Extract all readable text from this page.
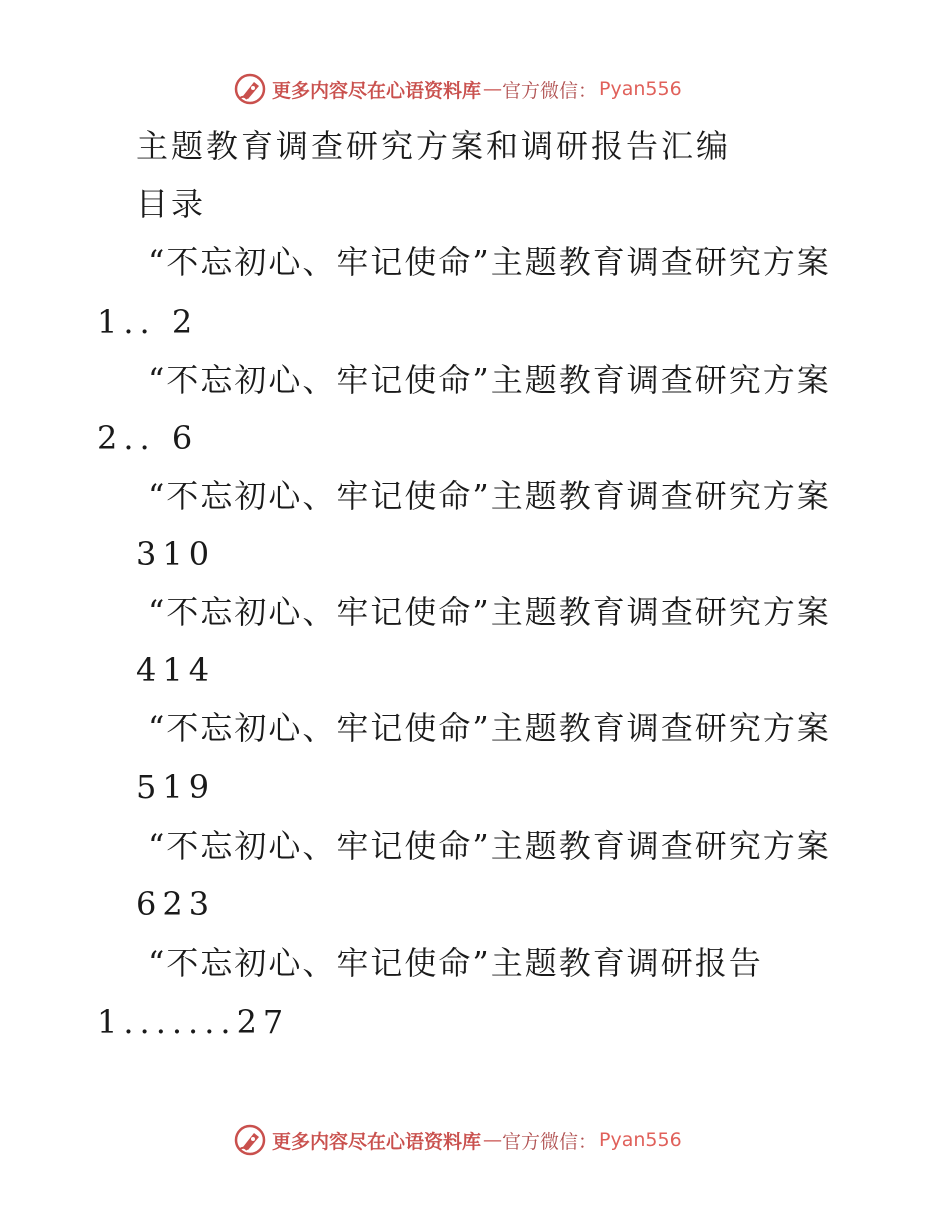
更多内容尽在心语资料库 — 官方微信： Pyan556
主题教育调查研究方案和调研报告汇编
目录
“不忘初心、牢记使命”主题教育调查研究方案
1.. 2
“不忘初心、牢记使命”主题教育调查研究方案
2.. 6
“不忘初心、牢记使命”主题教育调查研究方案
310
“不忘初心、牢记使命”主题教育调查研究方案
414
“不忘初心、牢记使命”主题教育调查研究方案
519
“不忘初心、牢记使命”主题教育调查研究方案
623
“不忘初心、牢记使命”主题教育调研报告
1.......27
更多内容尽在心语资料库 — 官方微信： Pyan556
